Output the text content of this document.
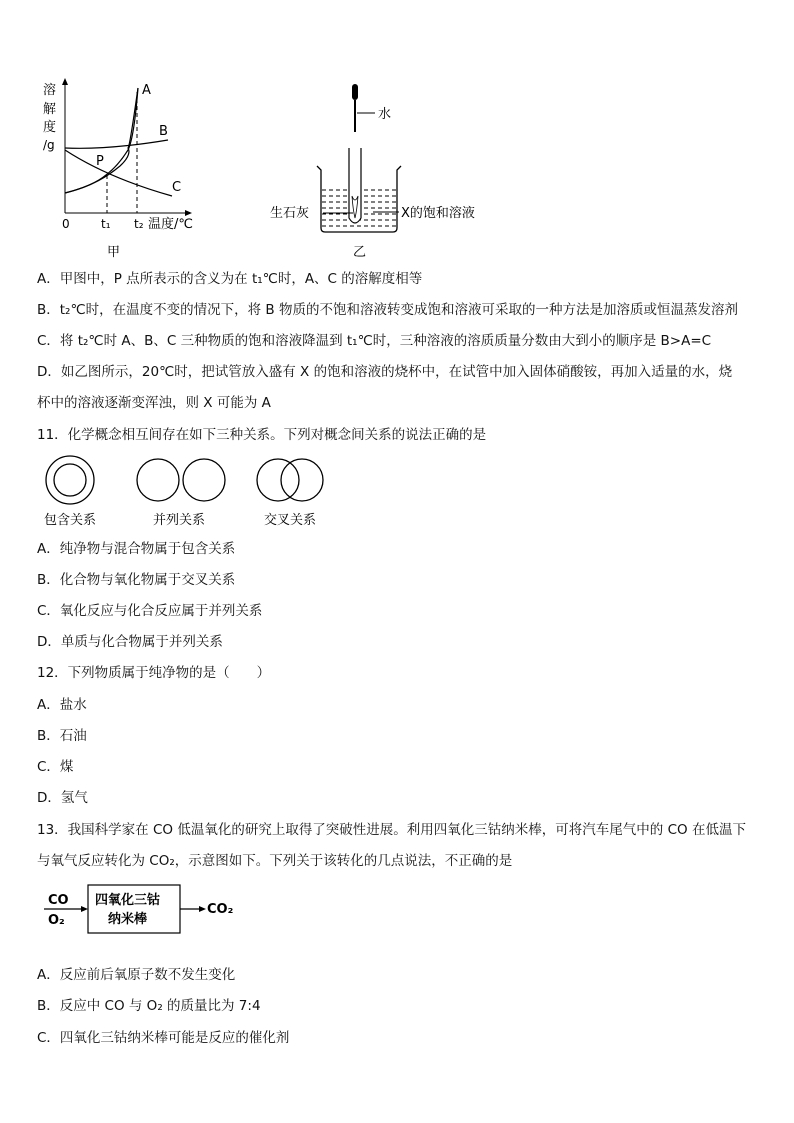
溶
解
度
/g
A
B
C
P
0	t₁ t₂ 温度/℃
甲
水
生石灰	X的饱和溶液
乙
A．甲图中，P 点所表示的含义为在 t₁℃时，A、C 的溶解度相等
B．t₂℃时，在温度不变的情况下，将 B 物质的不饱和溶液转变成饱和溶液可采取的一种方法是加溶质或恒温蒸发溶剂
C．将 t₂℃时 A、B、C 三种物质的饱和溶液降温到 t₁℃时，三种溶液的溶质质量分数由大到小的顺序是 B>A=C
D．如乙图所示，20℃时，把试管放入盛有 X 的饱和溶液的烧杯中，在试管中加入固体硝酸铵，再加入适量的水，烧
杯中的溶液逐渐变浑浊，则 X 可能为 A
11．化学概念相互间存在如下三种关系。下列对概念间关系的说法正确的是
包含关系	并列关系	交叉关系
A．纯净物与混合物属于包含关系
B．化合物与氧化物属于交叉关系
C．氧化反应与化合反应属于并列关系
D．单质与化合物属于并列关系
12．下列物质属于纯净物的是（　　）
A．盐水
B．石油
C．煤
D．氢气
13．我国科学家在 CO 低温氧化的研究上取得了突破性进展。利用四氧化三钴纳米棒，可将汽车尾气中的 CO 在低温下
与氧气反应转化为 CO₂，示意图如下。下列关于该转化的几点说法，不正确的是
CO
O₂
四氧化三钴
纳米棒
CO₂
A．反应前后氧原子数不发生变化
B．反应中 CO 与 O₂ 的质量比为 7:4
C．四氧化三钴纳米棒可能是反应的催化剂
